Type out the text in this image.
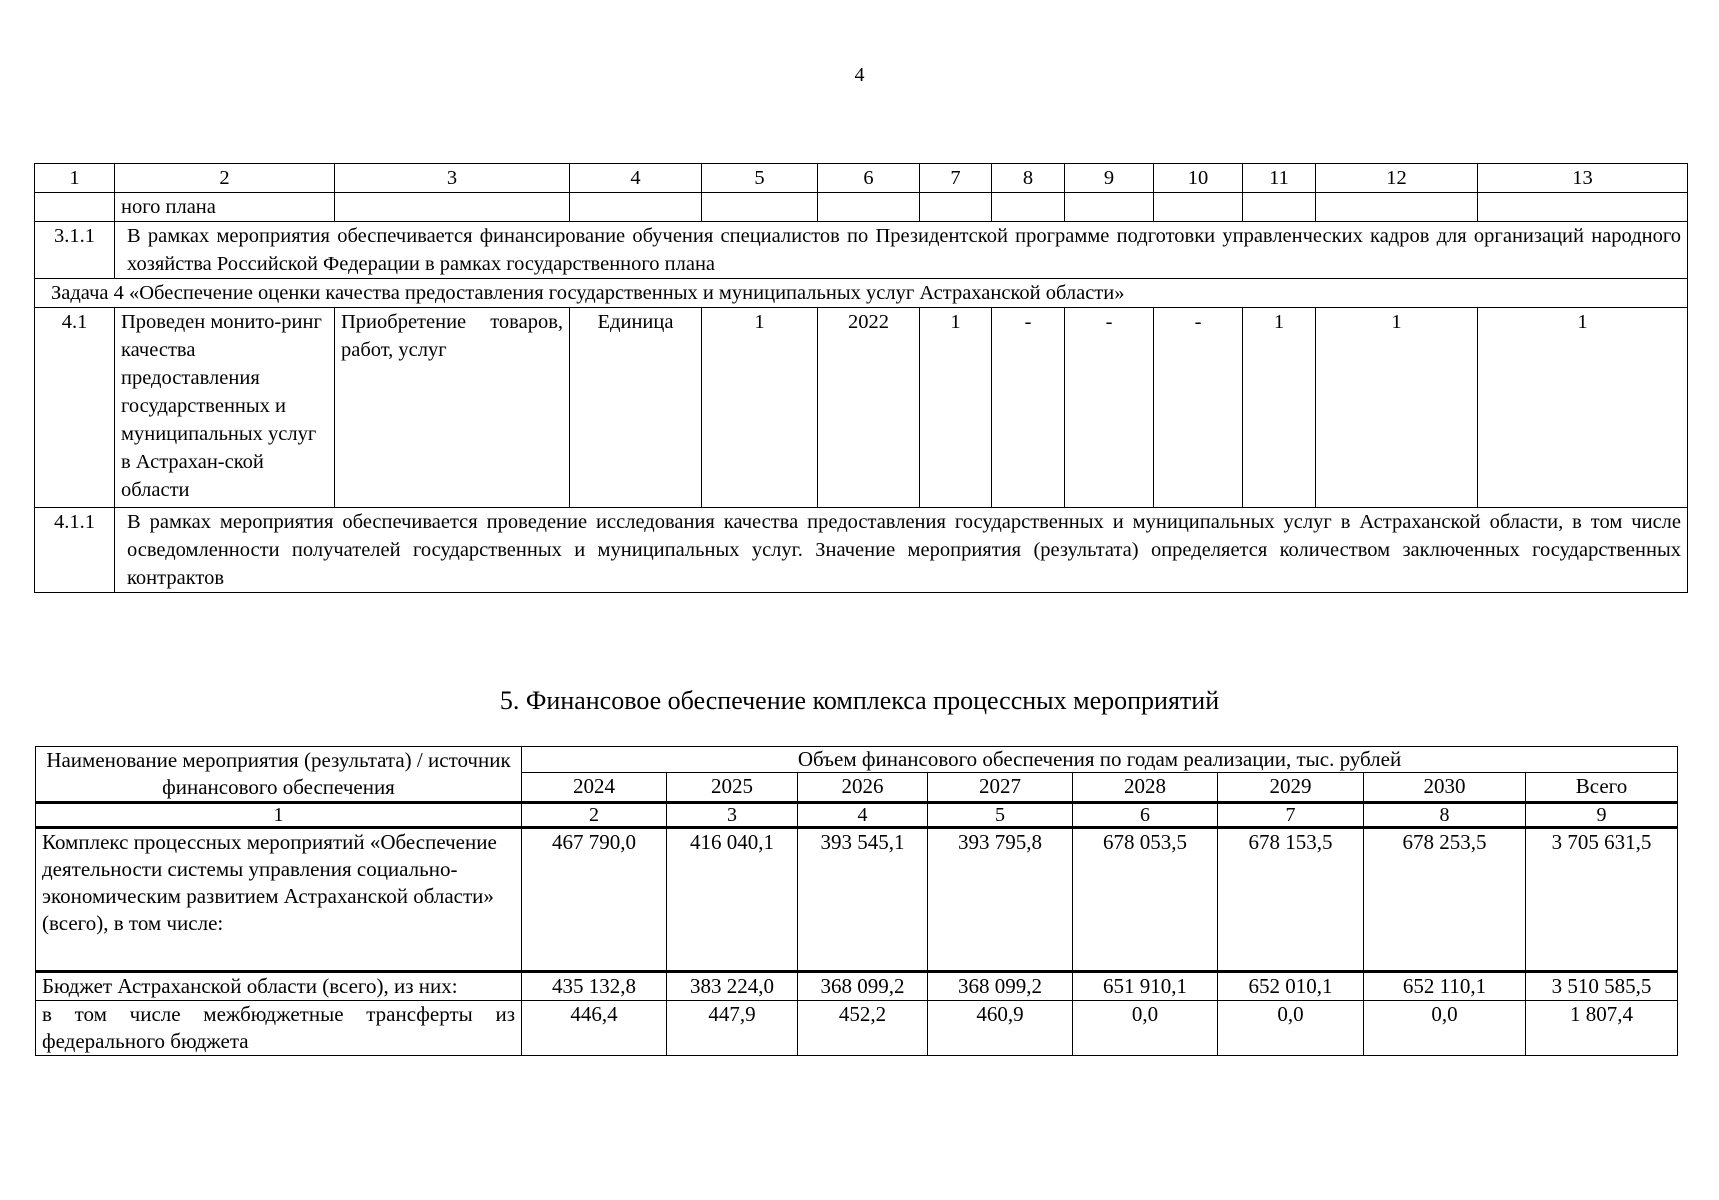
4
1	2	3	4	5	6	7	8	9	10	11	12	13
	ного плана											
3.1.1	В рамках мероприятия обеспечивается финансирование обучения специалистов по Президентской программе подготовки управленческих кадров для организаций народного хозяйства Российской Федерации в рамках государственного плана											
Задача 4 «Обеспечение оценки качества предоставления государственных и муниципальных услуг Астраханской области»												
4.1	Проведен монито-ринг качества предоставления государственных и муниципальных услуг в Астрахан-ской области	Приобретение товаров, работ, услуг	Единица	1	2022	1	-	-	-	1	1	1
4.1.1	В рамках мероприятия обеспечивается проведение исследования качества предоставления государственных и муниципальных услуг в Астраханской области, в том числе осведомленности получателей государственных и муниципальных услуг. Значение мероприятия (результата) определяется количеством заключенных государственных контрактов											
5. Финансовое обеспечение комплекса процессных мероприятий
Наименование мероприятия (результата) / источник финансового обеспечения	Объем финансового обеспечения по годам реализации, тыс. рублей							
	2024	2025	2026	2027	2028	2029	2030	Всего
1	2	3	4	5	6	7	8	9
Комплекс процессных мероприятий «Обеспечение деятельности системы управления социально-экономическим развитием Астраханской области» (всего), в том числе:	467 790,0	416 040,1	393 545,1	393 795,8	678 053,5	678 153,5	678 253,5	3 705 631,5
Бюджет Астраханской области (всего), из них:	435 132,8	383 224,0	368 099,2	368 099,2	651 910,1	652 010,1	652 110,1	3 510 585,5
в том числе межбюджетные трансферты из федерального бюджета	446,4	447,9	452,2	460,9	0,0	0,0	0,0	1 807,4
